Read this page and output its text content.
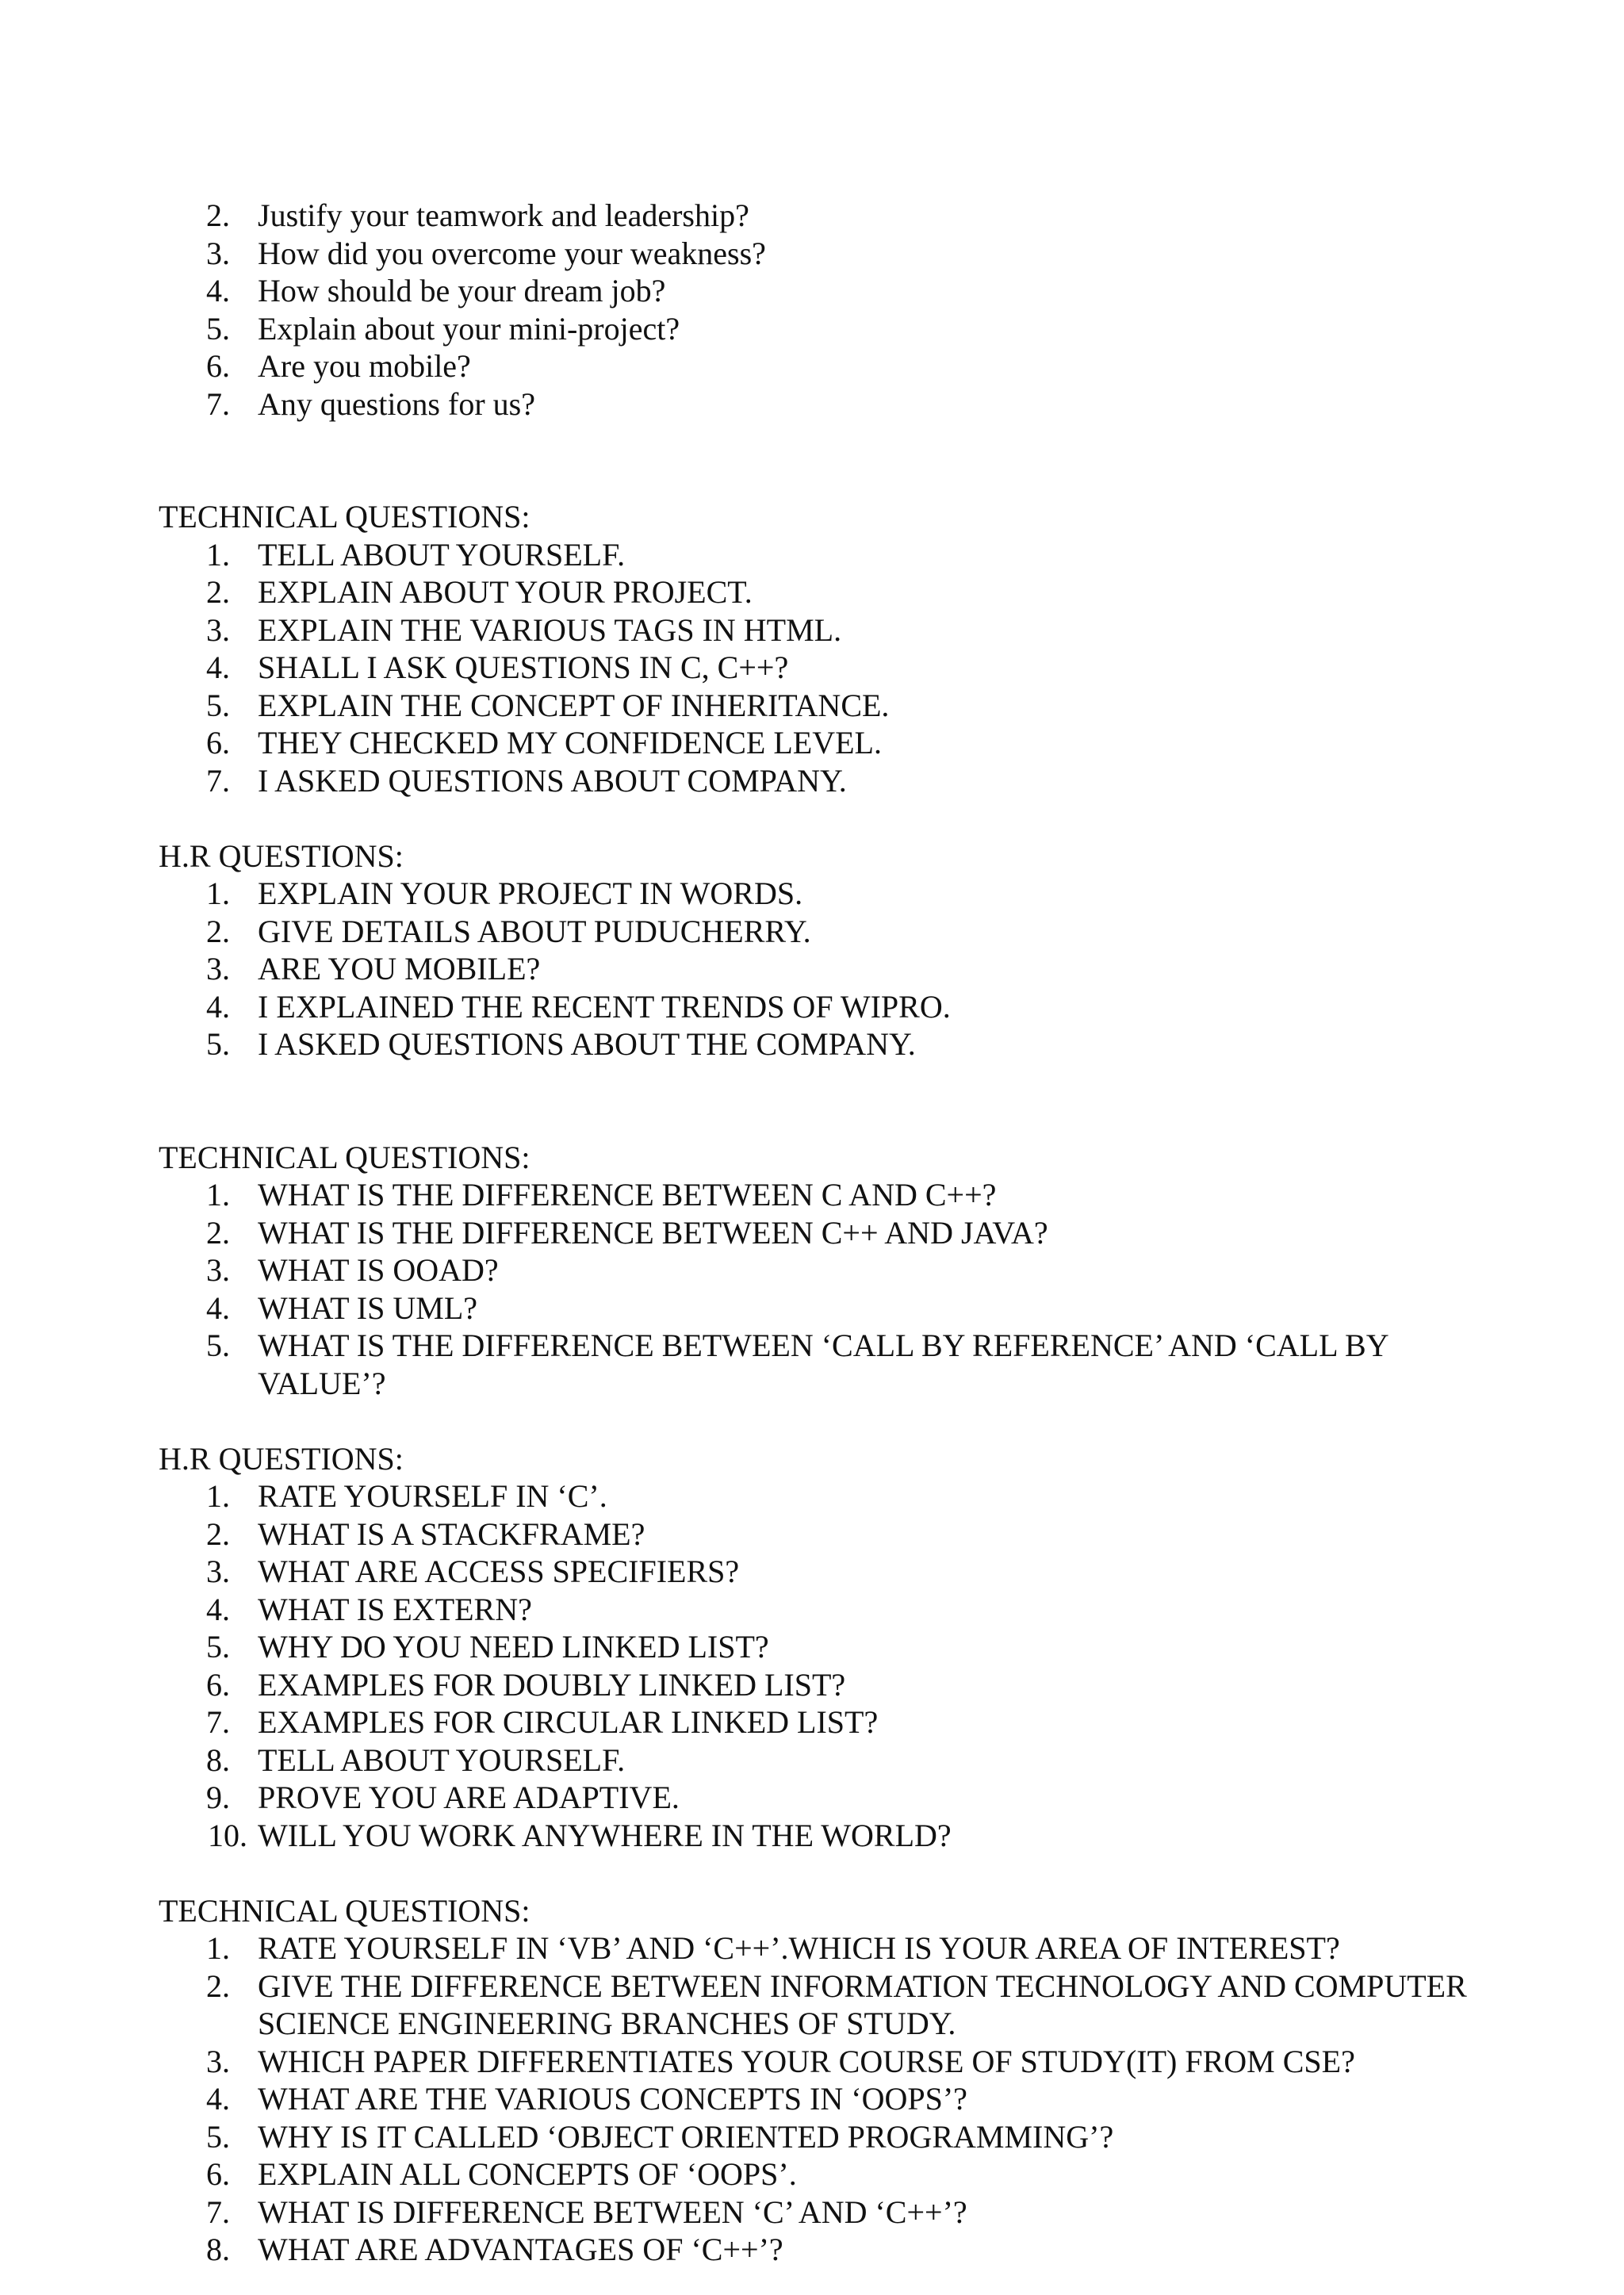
2. Justify your teamwork and leadership?
3. How did you overcome your weakness?
4. How should be your dream job?
5. Explain about your mini-project?
6. Are you mobile?
7. Any questions for us?
TECHNICAL QUESTIONS:
1. TELL ABOUT YOURSELF.
2. EXPLAIN ABOUT YOUR PROJECT.
3. EXPLAIN THE VARIOUS TAGS IN HTML.
4. SHALL I ASK QUESTIONS IN C, C++?
5. EXPLAIN THE CONCEPT OF INHERITANCE.
6. THEY CHECKED MY CONFIDENCE LEVEL.
7. I ASKED QUESTIONS ABOUT COMPANY.
H.R QUESTIONS:
1. EXPLAIN YOUR PROJECT IN WORDS.
2. GIVE DETAILS ABOUT PUDUCHERRY.
3. ARE YOU MOBILE?
4. I EXPLAINED THE RECENT TRENDS OF WIPRO.
5. I ASKED QUESTIONS ABOUT THE COMPANY.
TECHNICAL QUESTIONS:
1. WHAT IS THE DIFFERENCE BETWEEN C AND C++?
2. WHAT IS THE DIFFERENCE BETWEEN C++ AND JAVA?
3. WHAT IS OOAD?
4. WHAT IS UML?
5. WHAT IS THE DIFFERENCE BETWEEN ‘CALL BY REFERENCE’ AND ‘CALL BY VALUE’?
H.R QUESTIONS:
1. RATE YOURSELF IN ‘C’.
2. WHAT IS A STACKFRAME?
3. WHAT ARE ACCESS SPECIFIERS?
4. WHAT IS EXTERN?
5. WHY DO YOU NEED LINKED LIST?
6. EXAMPLES FOR DOUBLY LINKED LIST?
7. EXAMPLES FOR CIRCULAR LINKED LIST?
8. TELL ABOUT YOURSELF.
9. PROVE YOU ARE ADAPTIVE.
10. WILL YOU WORK ANYWHERE IN THE WORLD?
TECHNICAL QUESTIONS:
1. RATE YOURSELF IN ‘VB’ AND ‘C++’.WHICH IS YOUR AREA OF INTEREST?
2. GIVE THE DIFFERENCE BETWEEN INFORMATION TECHNOLOGY AND COMPUTER SCIENCE ENGINEERING BRANCHES OF STUDY.
3. WHICH PAPER DIFFERENTIATES YOUR COURSE OF STUDY(IT) FROM CSE?
4. WHAT ARE THE VARIOUS CONCEPTS IN ‘OOPS’?
5. WHY IS IT CALLED ‘OBJECT ORIENTED PROGRAMMING’?
6. EXPLAIN ALL CONCEPTS OF ‘OOPS’.
7. WHAT IS DIFFERENCE BETWEEN ‘C’ AND ‘C++’?
8. WHAT ARE ADVANTAGES OF ‘C++’?
